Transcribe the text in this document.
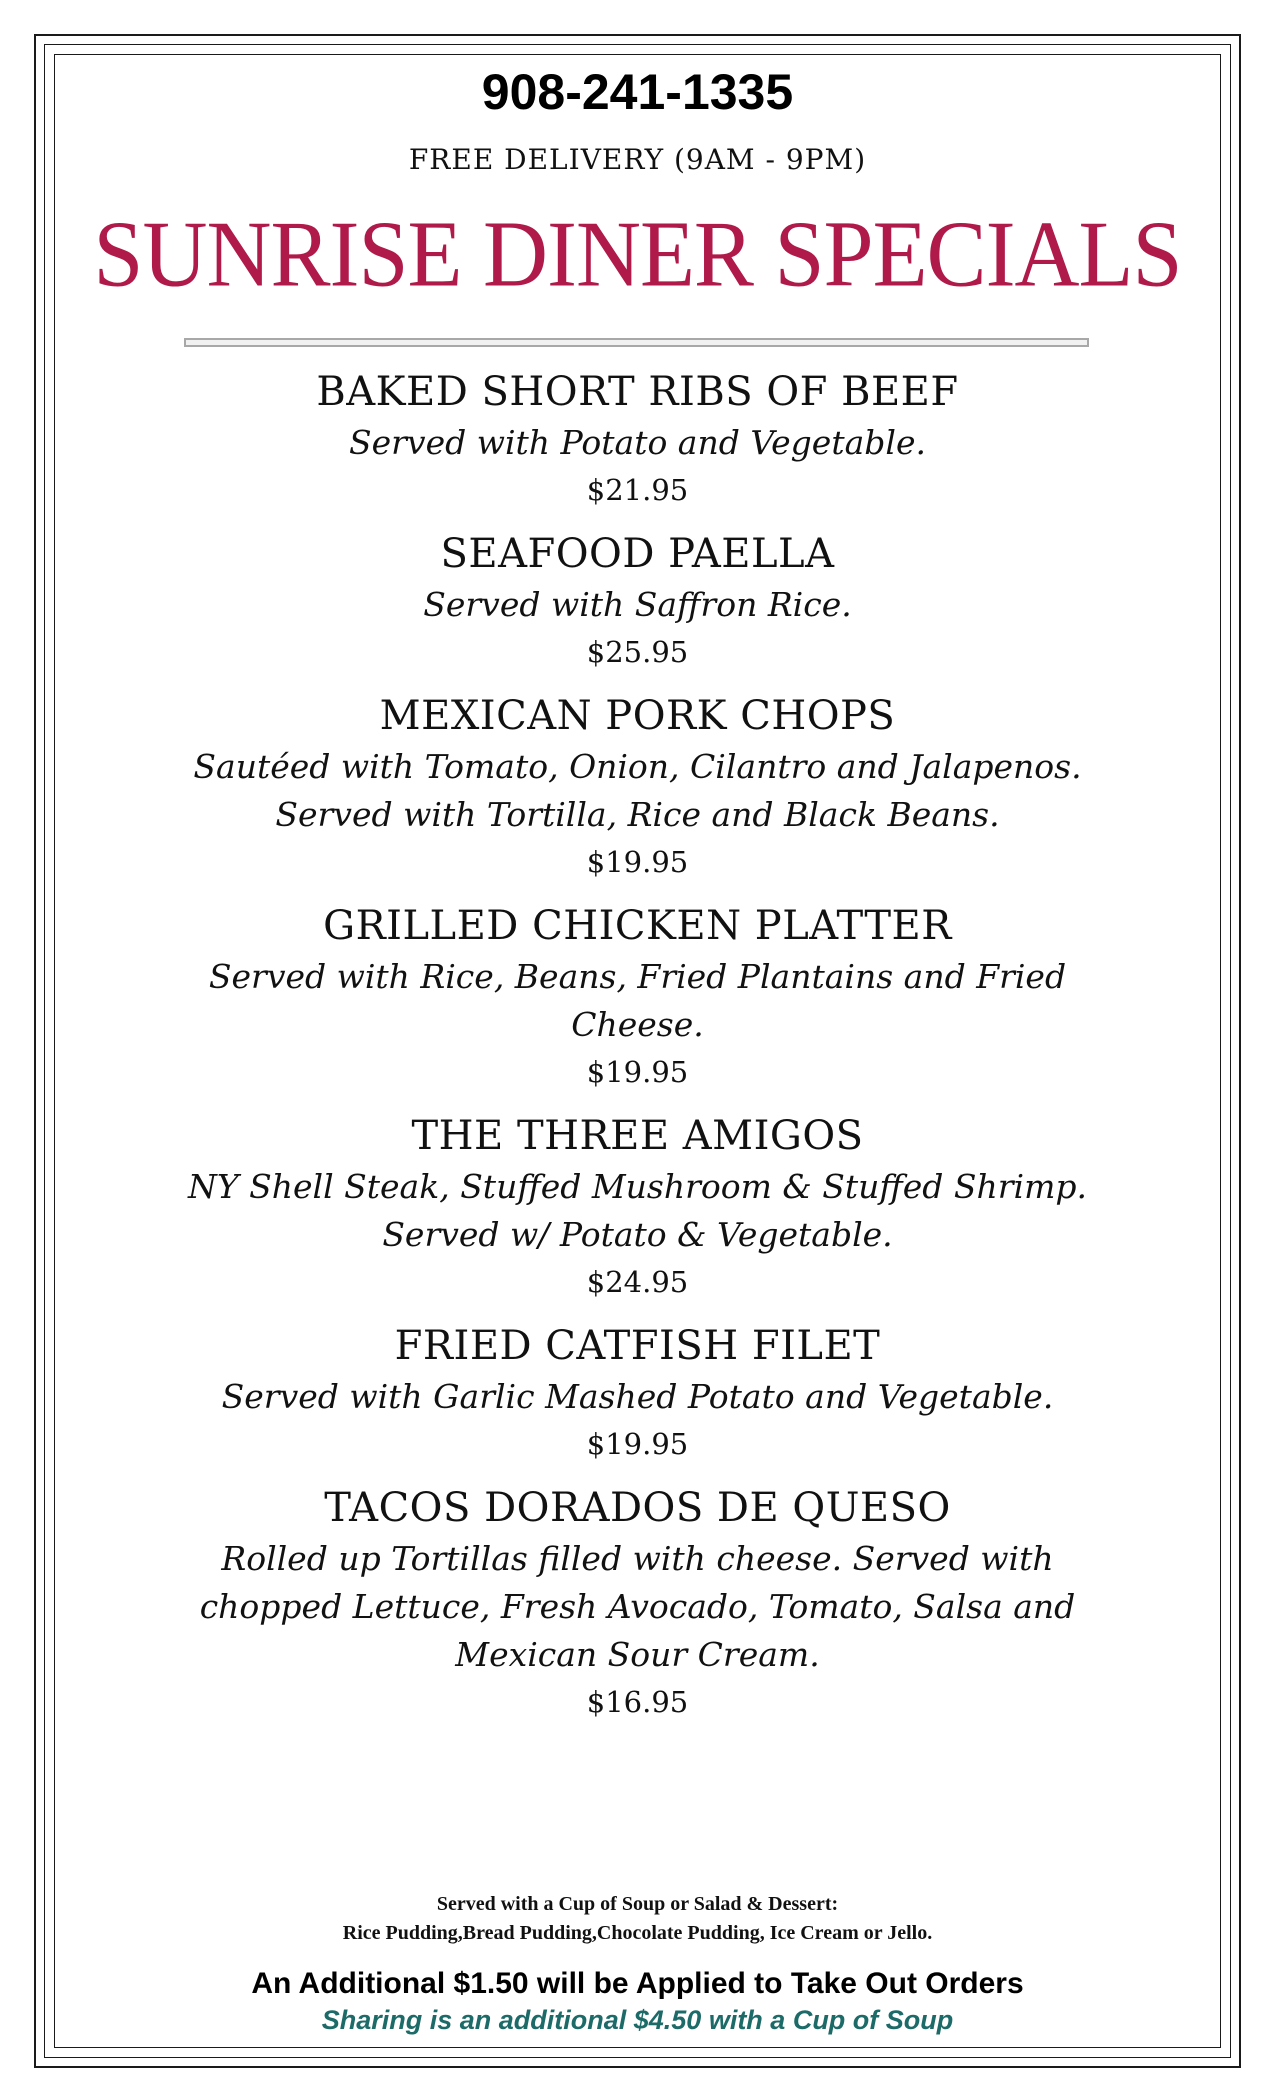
908-241-1335
FREE DELIVERY (9AM - 9PM)
SUNRISE DINER SPECIALS
BAKED SHORT RIBS OF BEEF
Served with Potato and Vegetable.
$21.95
SEAFOOD PAELLA
Served with Saffron Rice.
$25.95
MEXICAN PORK CHOPS
Sautéed with Tomato, Onion, Cilantro and Jalapenos.
Served with Tortilla, Rice and Black Beans.
$19.95
GRILLED CHICKEN PLATTER
Served with Rice, Beans, Fried Plantains and Fried
Cheese.
$19.95
THE THREE AMIGOS
NY Shell Steak, Stuffed Mushroom & Stuffed Shrimp.
Served w/ Potato & Vegetable.
$24.95
FRIED CATFISH FILET
Served with Garlic Mashed Potato and Vegetable.
$19.95
TACOS DORADOS DE QUESO
Rolled up Tortillas filled with cheese. Served with
chopped Lettuce, Fresh Avocado, Tomato, Salsa and
Mexican Sour Cream.
$16.95
Served with a Cup of Soup or Salad & Dessert:
Rice Pudding,Bread Pudding,Chocolate Pudding, Ice Cream or Jello.
An Additional $1.50 will be Applied to Take Out Orders
Sharing is an additional $4.50 with a Cup of Soup
